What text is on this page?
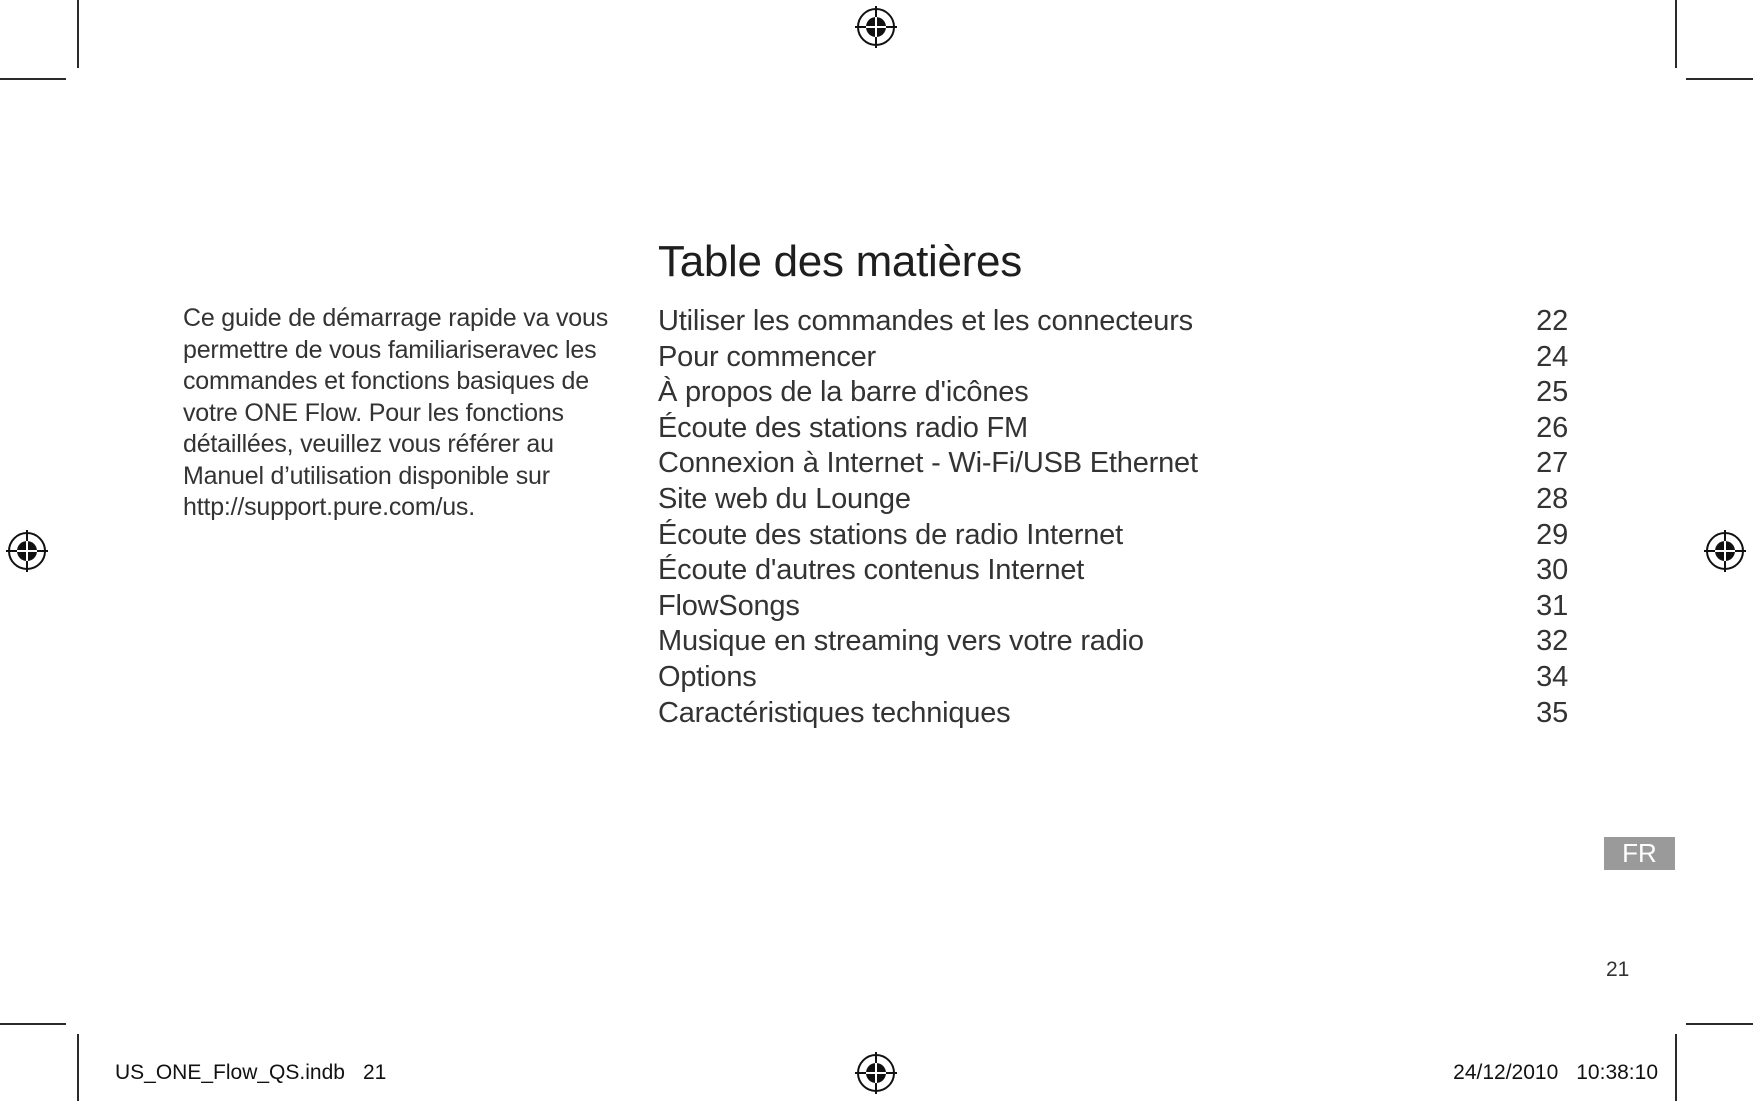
Ce guide de démarrage rapide va vous permettre de vous familiariseravec les commandes et fonctions basiques de votre ONE Flow. Pour les fonctions détaillées, veuillez vous référer au Manuel d’utilisation disponible sur http://support.pure.com/us.

Table des matières
Utiliser les commandes et les connecteurs	22
Pour commencer	24
À propos de la barre d'icônes	25
Écoute des stations radio FM	26
Connexion à Internet - Wi-Fi/USB Ethernet	27
Site web du Lounge	28
Écoute des stations de radio Internet	29
Écoute d'autres contenus Internet	30
FlowSongs	31
Musique en streaming vers votre radio	32
Options	34
Caractéristiques techniques	35
FR
21
US_ONE_Flow_QS.indb 21	24/12/2010 10:38:10
